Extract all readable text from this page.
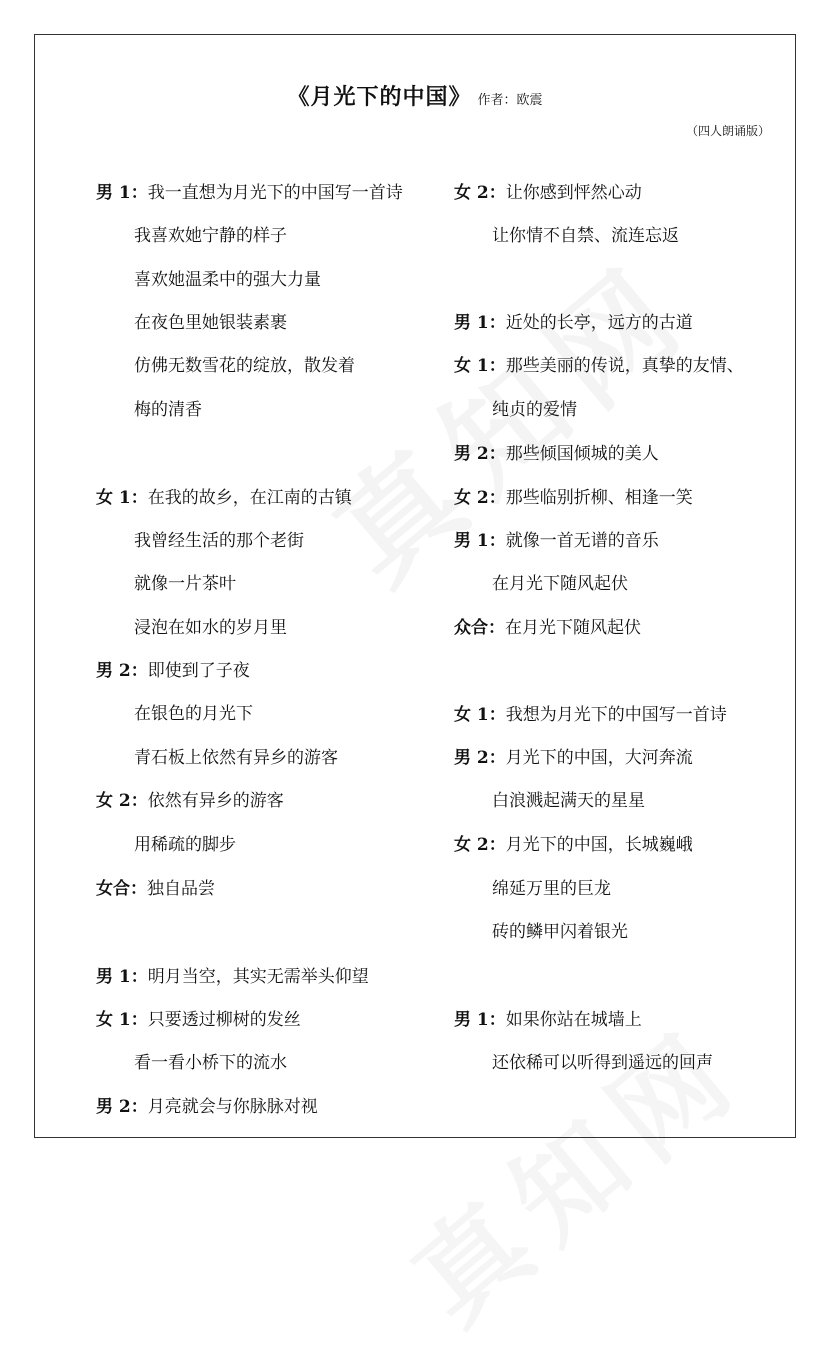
《月光下的中国》 作者：欧震
（四人朗诵版）
男 1：我一直想为月光下的中国写一首诗
我喜欢她宁静的样子
喜欢她温柔中的强大力量
在夜色里她银装素裹
仿佛无数雪花的绽放，散发着
梅的清香
女 1：在我的故乡，在江南的古镇
我曾经生活的那个老街
就像一片茶叶
浸泡在如水的岁月里
男 2：即使到了子夜
在银色的月光下
青石板上依然有异乡的游客
女 2：依然有异乡的游客
用稀疏的脚步
女合：独自品尝
男 1：明月当空，其实无需举头仰望
女 1：只要透过柳树的发丝
看一看小桥下的流水
男 2：月亮就会与你脉脉对视
女 2：让你感到怦然心动
让你情不自禁、流连忘返
男 1：近处的长亭，远方的古道
女 1：那些美丽的传说，真挚的友情、
纯贞的爱情
男 2：那些倾国倾城的美人
女 2：那些临别折柳、相逢一笑
男 1：就像一首无谱的音乐
在月光下随风起伏
众合：在月光下随风起伏
女 1：我想为月光下的中国写一首诗
男 2：月光下的中国，大河奔流
白浪溅起满天的星星
女 2：月光下的中国，长城巍峨
绵延万里的巨龙
砖的鳞甲闪着银光
男 1：如果你站在城墙上
还依稀可以听得到遥远的回声
